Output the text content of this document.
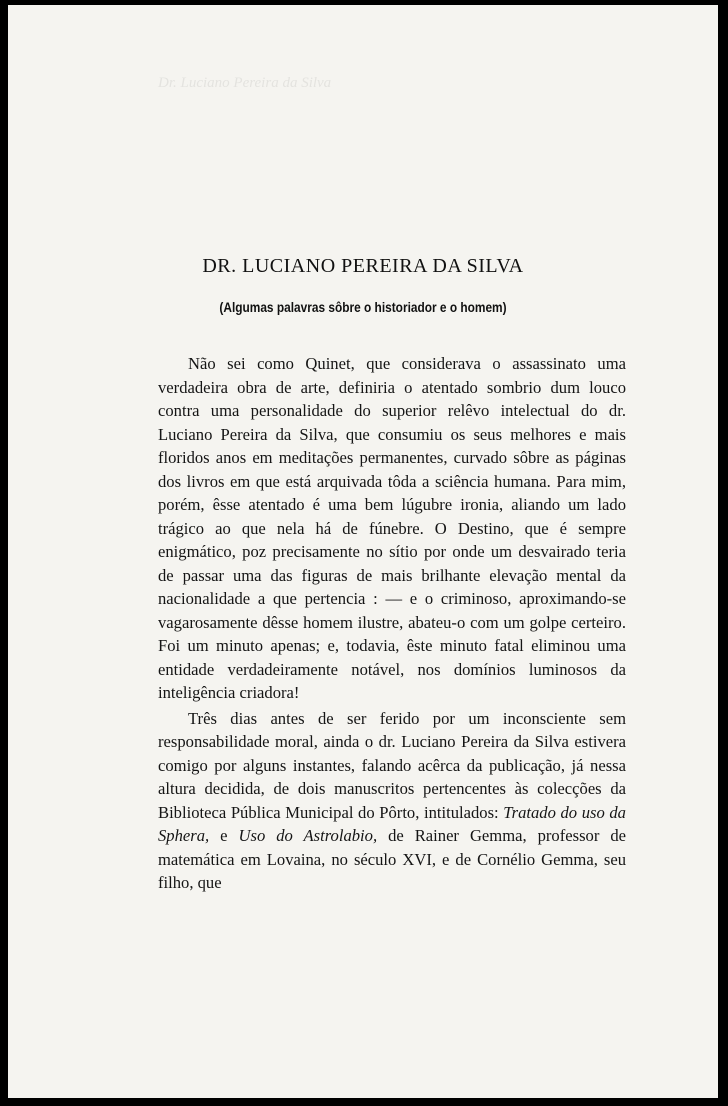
Dr. Luciano Pereira da Silva
DR. LUCIANO PEREIRA DA SILVA
(Algumas palavras sôbre o historiador e o homem)

Não sei como Quinet, que considerava o assassinato uma verdadeira obra de arte, definiria o atentado sombrio dum louco contra uma personalidade do superior relêvo intelectual do dr. Luciano Pereira da Silva, que consumiu os seus melhores e mais floridos anos em meditações permanentes, curvado sôbre as páginas dos livros em que está arquivada tôda a sciência humana. Para mim, porém, êsse atentado é uma bem lúgubre ironia, aliando um lado trágico ao que nela há de fúnebre. O Destino, que é sempre enigmático, poz precisamente no sítio por onde um desvairado teria de passar uma das figuras de mais brilhante elevação mental da nacionalidade a que pertencia : — e o criminoso, aproximando-se vagarosamente dêsse homem ilustre, abateu-o com um golpe certeiro. Foi um minuto apenas; e, todavia, êste minuto fatal eliminou uma entidade verdadeiramente notável, nos domínios luminosos da inteligência criadora!

Três dias antes de ser ferido por um inconsciente sem responsabilidade moral, ainda o dr. Luciano Pereira da Silva estivera comigo por alguns instantes, falando acêrca da publicação, já nessa altura decidida, de dois manuscritos pertencentes às colecções da Biblioteca Pública Municipal do Pôrto, intitulados: Tratado do uso da Sphera, e Uso do Astrolabio, de Rainer Gemma, professor de matemática em Lovaina, no século XVI, e de Cornélio Gemma, seu filho, que
